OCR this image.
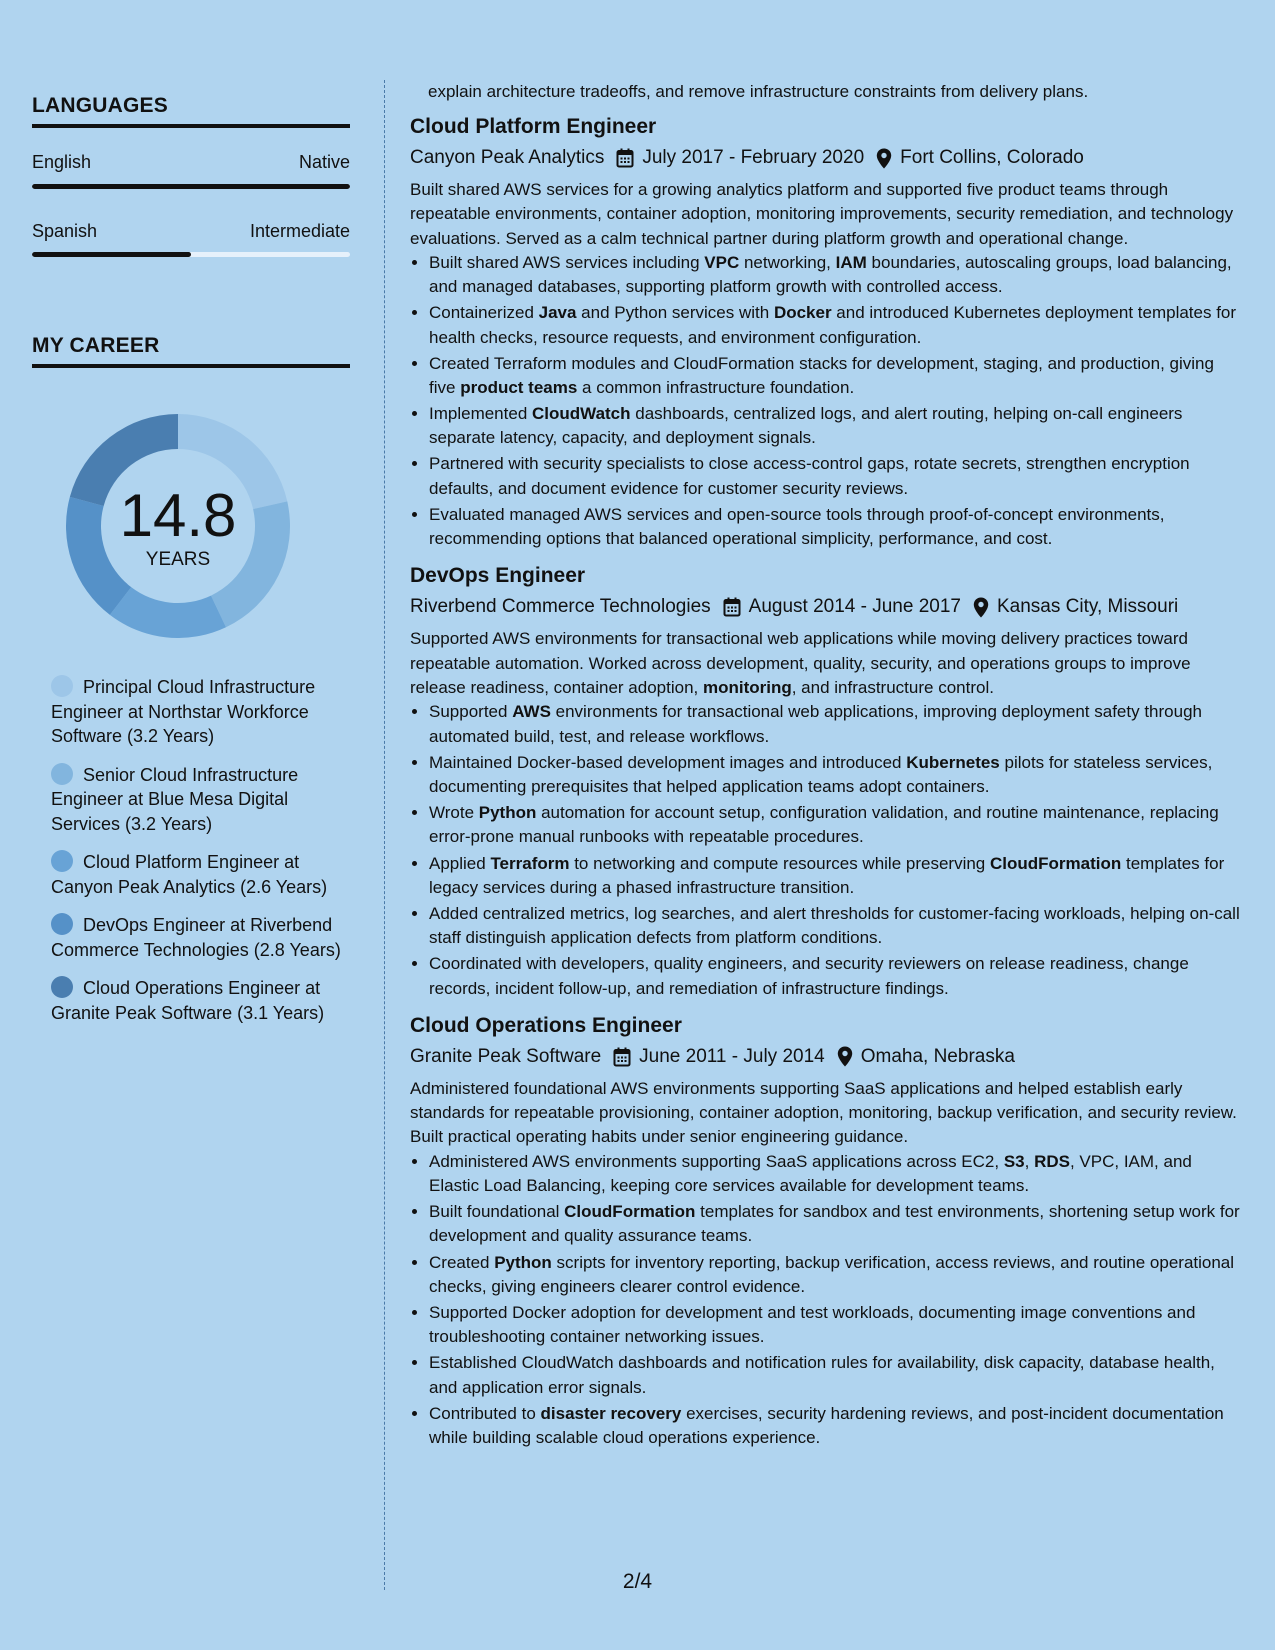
LANGUAGES
English	Native
Spanish	Intermediate
MY CAREER
14.8
YEARS
Principal Cloud Infrastructure Engineer at Northstar Workforce Software (3.2 Years)
Senior Cloud Infrastructure Engineer at Blue Mesa Digital Services (3.2 Years)
Cloud Platform Engineer at Canyon Peak Analytics (2.6 Years)
DevOps Engineer at Riverbend Commerce Technologies (2.8 Years)
Cloud Operations Engineer at Granite Peak Software (3.1 Years)
explain architecture tradeoffs, and remove infrastructure constraints from delivery plans.
Cloud Platform Engineer
Canyon Peak Analytics July 2017 - February 2020 Fort Collins, Colorado
Built shared AWS services for a growing analytics platform and supported five product teams through repeatable environments, container adoption, monitoring improvements, security remediation, and technology evaluations. Served as a calm technical partner during platform growth and operational change.
• Built shared AWS services including VPC networking, IAM boundaries, autoscaling groups, load balancing, and managed databases, supporting platform growth with controlled access.
• Containerized Java and Python services with Docker and introduced Kubernetes deployment templates for health checks, resource requests, and environment configuration.
• Created Terraform modules and CloudFormation stacks for development, staging, and production, giving five product teams a common infrastructure foundation.
• Implemented CloudWatch dashboards, centralized logs, and alert routing, helping on-call engineers separate latency, capacity, and deployment signals.
• Partnered with security specialists to close access-control gaps, rotate secrets, strengthen encryption defaults, and document evidence for customer security reviews.
• Evaluated managed AWS services and open-source tools through proof-of-concept environments, recommending options that balanced operational simplicity, performance, and cost.
DevOps Engineer
Riverbend Commerce Technologies August 2014 - June 2017 Kansas City, Missouri
Supported AWS environments for transactional web applications while moving delivery practices toward repeatable automation. Worked across development, quality, security, and operations groups to improve release readiness, container adoption, monitoring, and infrastructure control.
• Supported AWS environments for transactional web applications, improving deployment safety through automated build, test, and release workflows.
• Maintained Docker-based development images and introduced Kubernetes pilots for stateless services, documenting prerequisites that helped application teams adopt containers.
• Wrote Python automation for account setup, configuration validation, and routine maintenance, replacing error-prone manual runbooks with repeatable procedures.
• Applied Terraform to networking and compute resources while preserving CloudFormation templates for legacy services during a phased infrastructure transition.
• Added centralized metrics, log searches, and alert thresholds for customer-facing workloads, helping on-call staff distinguish application defects from platform conditions.
• Coordinated with developers, quality engineers, and security reviewers on release readiness, change records, incident follow-up, and remediation of infrastructure findings.
Cloud Operations Engineer
Granite Peak Software June 2011 - July 2014 Omaha, Nebraska
Administered foundational AWS environments supporting SaaS applications and helped establish early standards for repeatable provisioning, container adoption, monitoring, backup verification, and security review. Built practical operating habits under senior engineering guidance.
• Administered AWS environments supporting SaaS applications across EC2, S3, RDS, VPC, IAM, and Elastic Load Balancing, keeping core services available for development teams.
• Built foundational CloudFormation templates for sandbox and test environments, shortening setup work for development and quality assurance teams.
• Created Python scripts for inventory reporting, backup verification, access reviews, and routine operational checks, giving engineers clearer control evidence.
• Supported Docker adoption for development and test workloads, documenting image conventions and troubleshooting container networking issues.
• Established CloudWatch dashboards and notification rules for availability, disk capacity, database health, and application error signals.
• Contributed to disaster recovery exercises, security hardening reviews, and post-incident documentation while building scalable cloud operations experience.
2/4
